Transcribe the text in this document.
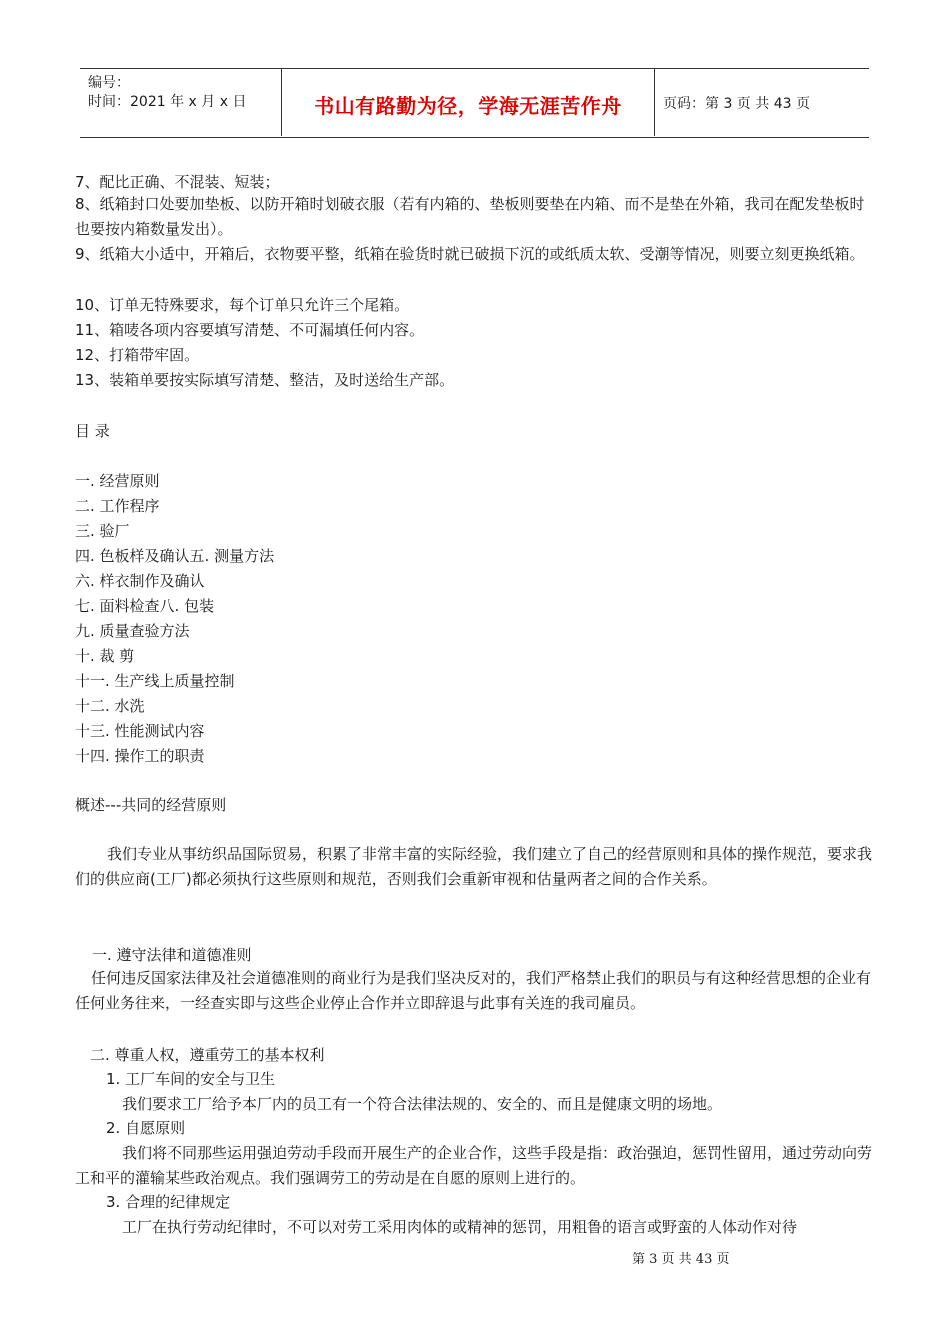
编号：
时间：2021 年 x 月 x 日	书山有路勤为径，学海无涯苦作舟	页码：第 3 页 共 43 页
7、配比正确、不混装、短装；
8、纸箱封口处要加垫板、以防开箱时划破衣服（若有内箱的、垫板则要垫在内箱、而不是垫在外箱，我司在配发垫板时也要按内箱数量发出）。
9、纸箱大小适中，开箱后，衣物要平整，纸箱在验货时就已破损下沉的或纸质太软、受潮等情况，则要立刻更换纸箱。
10、订单无特殊要求，每个订单只允许三个尾箱。
11、箱唛各项内容要填写清楚、不可漏填任何内容。
12、打箱带牢固。
13、装箱单要按实际填写清楚、整洁，及时送给生产部。
目 录
一. 经营原则
二. 工作程序
三. 验厂
四. 色板样及确认五. 测量方法
六. 样衣制作及确认
七. 面料检查八. 包装
九. 质量查验方法
十. 裁 剪
十一. 生产线上质量控制
十二. 水洗
十三. 性能测试内容
十四. 操作工的职责
概述---共同的经营原则
我们专业从事纺织品国际贸易，积累了非常丰富的实际经验，我们建立了自己的经营原则和具体的操作规范，要求我们的供应商(工厂)都必须执行这些原则和规范，否则我们会重新审视和估量两者之间的合作关系。
一. 遵守法律和道德准则
任何违反国家法律及社会道德准则的商业行为是我们坚决反对的，我们严格禁止我们的职员与有这种经营思想的企业有任何业务往来，一经查实即与这些企业停止合作并立即辞退与此事有关连的我司雇员。
二. 尊重人权，遵重劳工的基本权利
1. 工厂车间的安全与卫生
我们要求工厂给予本厂内的员工有一个符合法律法规的、安全的、而且是健康文明的场地。
2. 自愿原则
我们将不同那些运用强迫劳动手段而开展生产的企业合作，这些手段是指：政治强迫，惩罚性留用，通过劳动向劳工和平的灌输某些政治观点。我们强调劳工的劳动是在自愿的原则上进行的。
3. 合理的纪律规定
工厂在执行劳动纪律时，不可以对劳工采用肉体的或精神的惩罚，用粗鲁的语言或野蛮的人体动作对待
第 3 页 共 43 页
